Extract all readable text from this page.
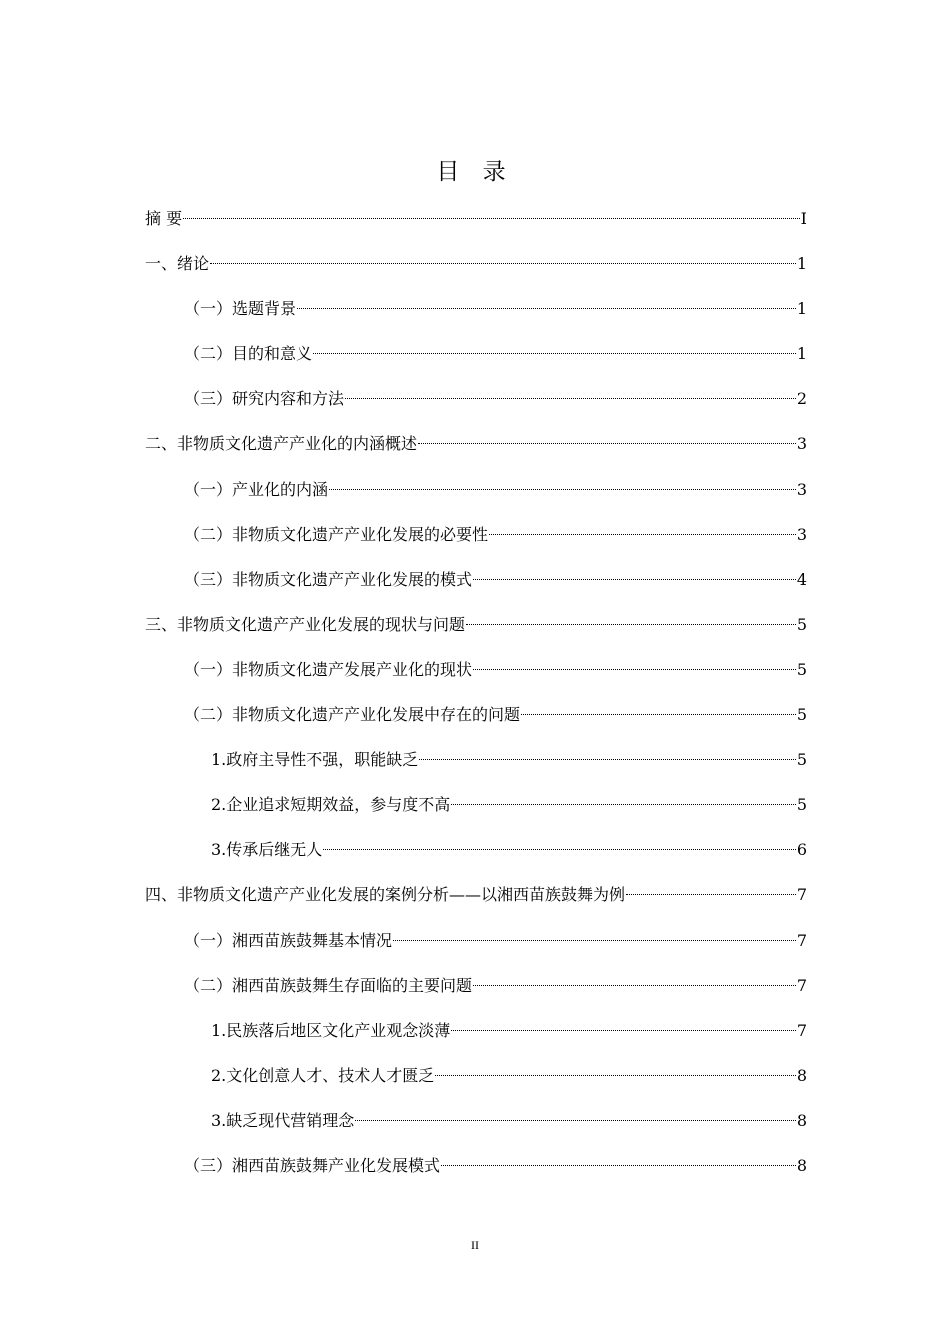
目 录
摘 要	I
一、绪论	1
（一）选题背景	1
（二）目的和意义	1
（三）研究内容和方法	2
二、非物质文化遗产产业化的内涵概述	3
（一）产业化的内涵	3
（二）非物质文化遗产产业化发展的必要性	3
（三）非物质文化遗产产业化发展的模式	4
三、非物质文化遗产产业化发展的现状与问题	5
（一）非物质文化遗产发展产业化的现状	5
（二）非物质文化遗产产业化发展中存在的问题	5
1.政府主导性不强，职能缺乏	5
2.企业追求短期效益，参与度不高	5
3.传承后继无人	6
四、非物质文化遗产产业化发展的案例分析——以湘西苗族鼓舞为例	7
（一）湘西苗族鼓舞基本情况	7
（二）湘西苗族鼓舞生存面临的主要问题	7
1.民族落后地区文化产业观念淡薄	7
2.文化创意人才、技术人才匮乏	8
3.缺乏现代营销理念	8
（三）湘西苗族鼓舞产业化发展模式	8
II
